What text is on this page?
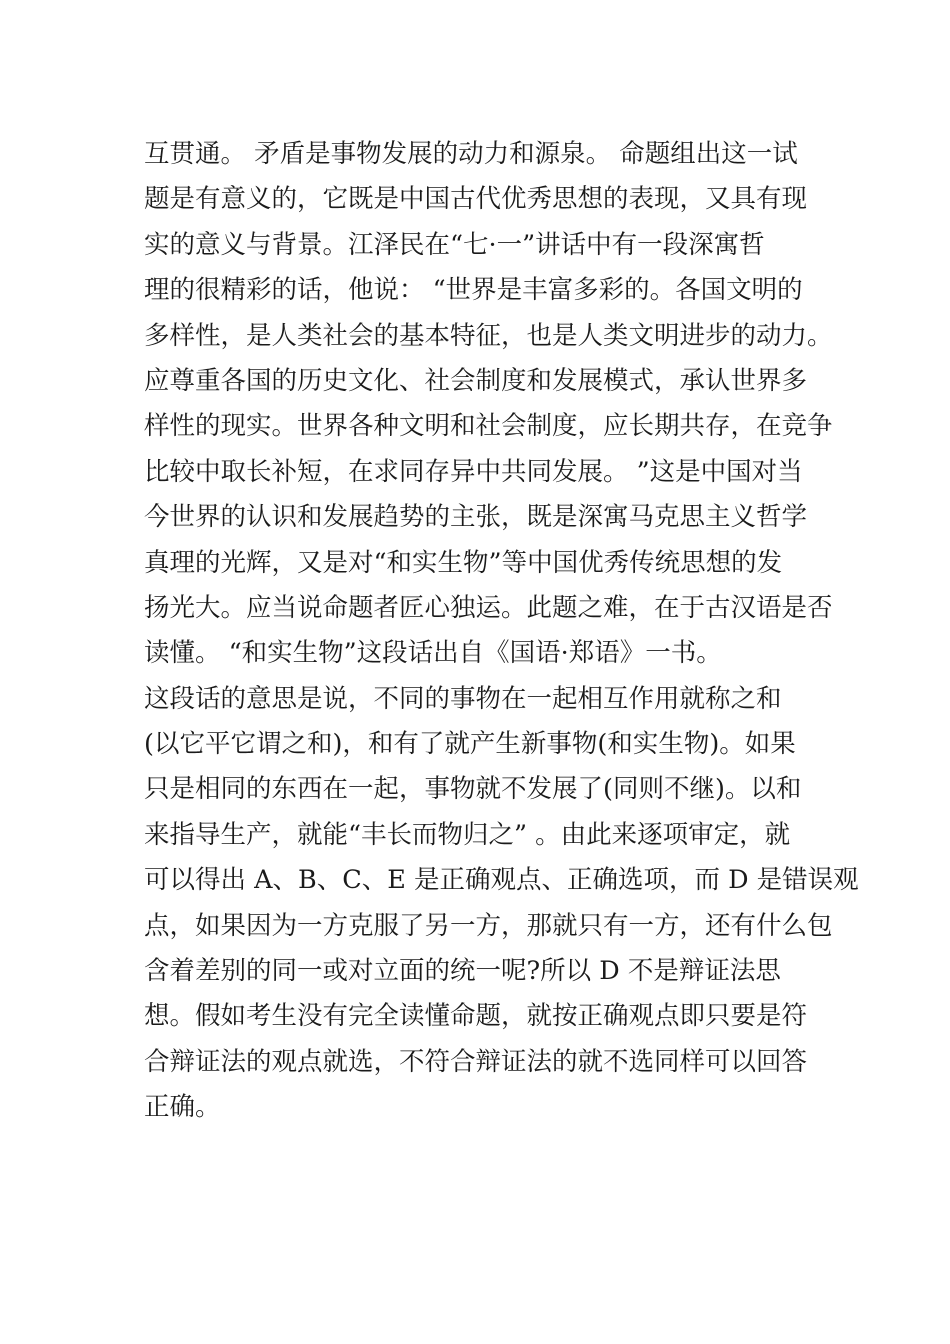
互贯通。 矛盾是事物发展的动力和源泉。 命题组出这一试
题是有意义的，它既是中国古代优秀思想的表现，又具有现
实的意义与背景。江泽民在“七·一”讲话中有一段深寓哲
理的很精彩的话，他说： “世界是丰富多彩的。各国文明的
多样性，是人类社会的基本特征，也是人类文明进步的动力。
应尊重各国的历史文化、社会制度和发展模式，承认世界多
样性的现实。世界各种文明和社会制度，应长期共存，在竞争
比较中取长补短，在求同存异中共同发展。 ”这是中国对当
今世界的认识和发展趋势的主张，既是深寓马克思主义哲学
真理的光辉，又是对“和实生物”等中国优秀传统思想的发
扬光大。应当说命题者匠心独运。此题之难，在于古汉语是否
读懂。 “和实生物”这段话出自《国语·郑语》一书。
这段话的意思是说，不同的事物在一起相互作用就称之和
(以它平它谓之和)，和有了就产生新事物(和实生物)。如果
只是相同的东西在一起，事物就不发展了(同则不继)。以和
来指导生产，就能“丰长而物归之” 。由此来逐项审定，就
可以得出 A、B、C、E 是正确观点、正确选项，而 D 是错误观
点，如果因为一方克服了另一方，那就只有一方，还有什么包
含着差别的同一或对立面的统一呢?所以 D 不是辩证法思
想。假如考生没有完全读懂命题，就按正确观点即只要是符
合辩证法的观点就选，不符合辩证法的就不选同样可以回答
正确。
